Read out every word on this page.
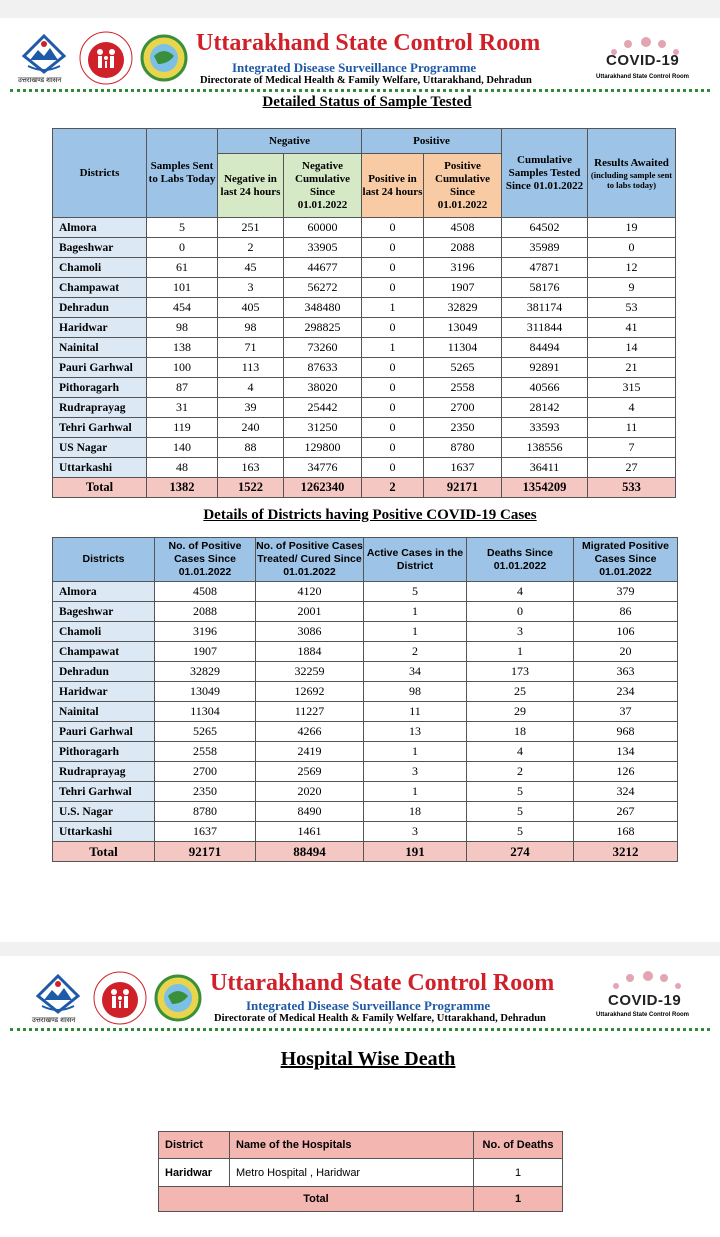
उत्तराखण्ड शासन
Uttarakhand State Control Room
Integrated Disease Surveillance Programme
Directorate of Medical Health & Family Welfare, Uttarakhand, Dehradun
COVID-19
Uttarakhand State Control Room
Detailed Status of Sample Tested
Districts	Samples Sent to Labs Today	Negative		Positive		Cumulative Samples Tested Since 01.01.2022	Results Awaited
(including sample sent to labs today)

		Negative in last 24 hours	Negative Cumulative Since 01.01.2022	Positive in last 24 hours	Positive Cumulative Since 01.01.2022		
Almora	5	251	60000	0	4508	64502	19
Bageshwar	0	2	33905	0	2088	35989	0
Chamoli	61	45	44677	0	3196	47871	12
Champawat	101	3	56272	0	1907	58176	9
Dehradun	454	405	348480	1	32829	381174	53
Haridwar	98	98	298825	0	13049	311844	41
Nainital	138	71	73260	1	11304	84494	14
Pauri Garhwal	100	113	87633	0	5265	92891	21
Pithoragarh	87	4	38020	0	2558	40566	315
Rudraprayag	31	39	25442	0	2700	28142	4
Tehri Garhwal	119	240	31250	0	2350	33593	11
US Nagar	140	88	129800	0	8780	138556	7
Uttarkashi	48	163	34776	0	1637	36411	27
Total	1382	1522	1262340	2	92171	1354209	533
Details of Districts having Positive COVID-19 Cases
Districts	No. of Positive Cases Since 01.01.2022	No. of Positive Cases Treated/ Cured Since 01.01.2022	Active Cases in the District	Deaths Since 01.01.2022	Migrated Positive Cases Since 01.01.2022
Almora	4508	4120	5	4	379
Bageshwar	2088	2001	1	0	86
Chamoli	3196	3086	1	3	106
Champawat	1907	1884	2	1	20
Dehradun	32829	32259	34	173	363
Haridwar	13049	12692	98	25	234
Nainital	11304	11227	11	29	37
Pauri Garhwal	5265	4266	13	18	968
Pithoragarh	2558	2419	1	4	134
Rudraprayag	2700	2569	3	2	126
Tehri Garhwal	2350	2020	1	5	324
U.S. Nagar	8780	8490	18	5	267
Uttarkashi	1637	1461	3	5	168
Total	92171	88494	191	274	3212
उत्तराखण्ड शासन
Uttarakhand State Control Room
Integrated Disease Surveillance Programme
Directorate of Medical Health & Family Welfare, Uttarakhand, Dehradun
COVID-19
Uttarakhand State Control Room
Hospital Wise Death
District	Name of the Hospitals	No. of Deaths
Haridwar	Metro Hospital , Haridwar	1
Total		1
